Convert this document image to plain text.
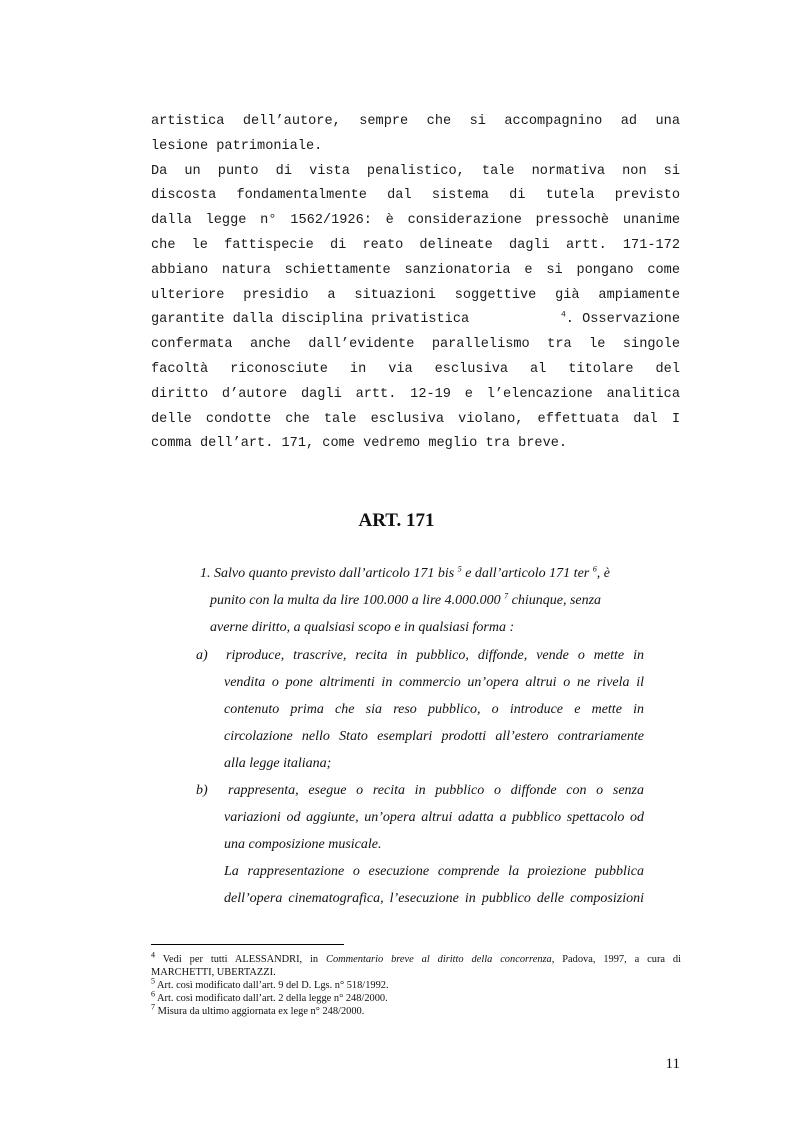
artistica dell’autore, sempre che si accompagnino ad una
lesione patrimoniale.
Da un punto di vista penalistico, tale normativa non si
discosta fondamentalmente dal sistema di tutela previsto
dalla legge n° 1562/1926: è considerazione pressochè unanime
che le fattispecie di reato delineate dagli artt. 171-172
abbiano natura schiettamente sanzionatoria e si pongano come
ulteriore presidio a situazioni soggettive già ampiamente
garantite dalla disciplina privatistica	$^4$. Osservazione
confermata anche dall’evidente parallelismo tra le singole
facoltà riconosciute in via esclusiva al titolare del
diritto d’autore dagli artt. 12-19 e l’elencazione analitica
delle condotte che tale esclusiva violano, effettuata dal I
comma dell’art. 171, come vedremo meglio tra breve.
ART. 171
1. Salvo quanto previsto dall’articolo 171 bis $^5$ e dall’articolo 171 ter $^6$, è
punito con la multa da lire 100.000 a lire 4.000.000 $^7$ chiunque, senza
averne diritto, a qualsiasi scopo e in qualsiasi forma :
a)	riproduce, trascrive, recita in pubblico, diffonde, vende o mette in
vendita o pone altrimenti in commercio un’opera altrui o ne rivela il
contenuto prima che sia reso pubblico, o introduce e mette in
circolazione nello Stato esemplari prodotti all’estero contrariamente
alla legge italiana;
b)	rappresenta, esegue o recita in pubblico o diffonde con o senza
variazioni od aggiunte, un’opera altrui adatta a pubblico spettacolo od
una composizione musicale.
La rappresentazione o esecuzione comprende la proiezione pubblica
dell’opera cinematografica, l’esecuzione in pubblico delle composizioni
$^4$ Vedi per tutti ALESSANDRI, in Commentario breve al diritto della concorrenza, Padova, 1997, a cura di
MARCHETTI, UBERTAZZI.
$^5$ Art. così modificato dall’art. 9 del D. Lgs. n° 518/1992.
$^6$ Art. così modificato dall’art. 2 della legge n° 248/2000.
$^7$ Misura da ultimo aggiornata ex lege n° 248/2000.
11
